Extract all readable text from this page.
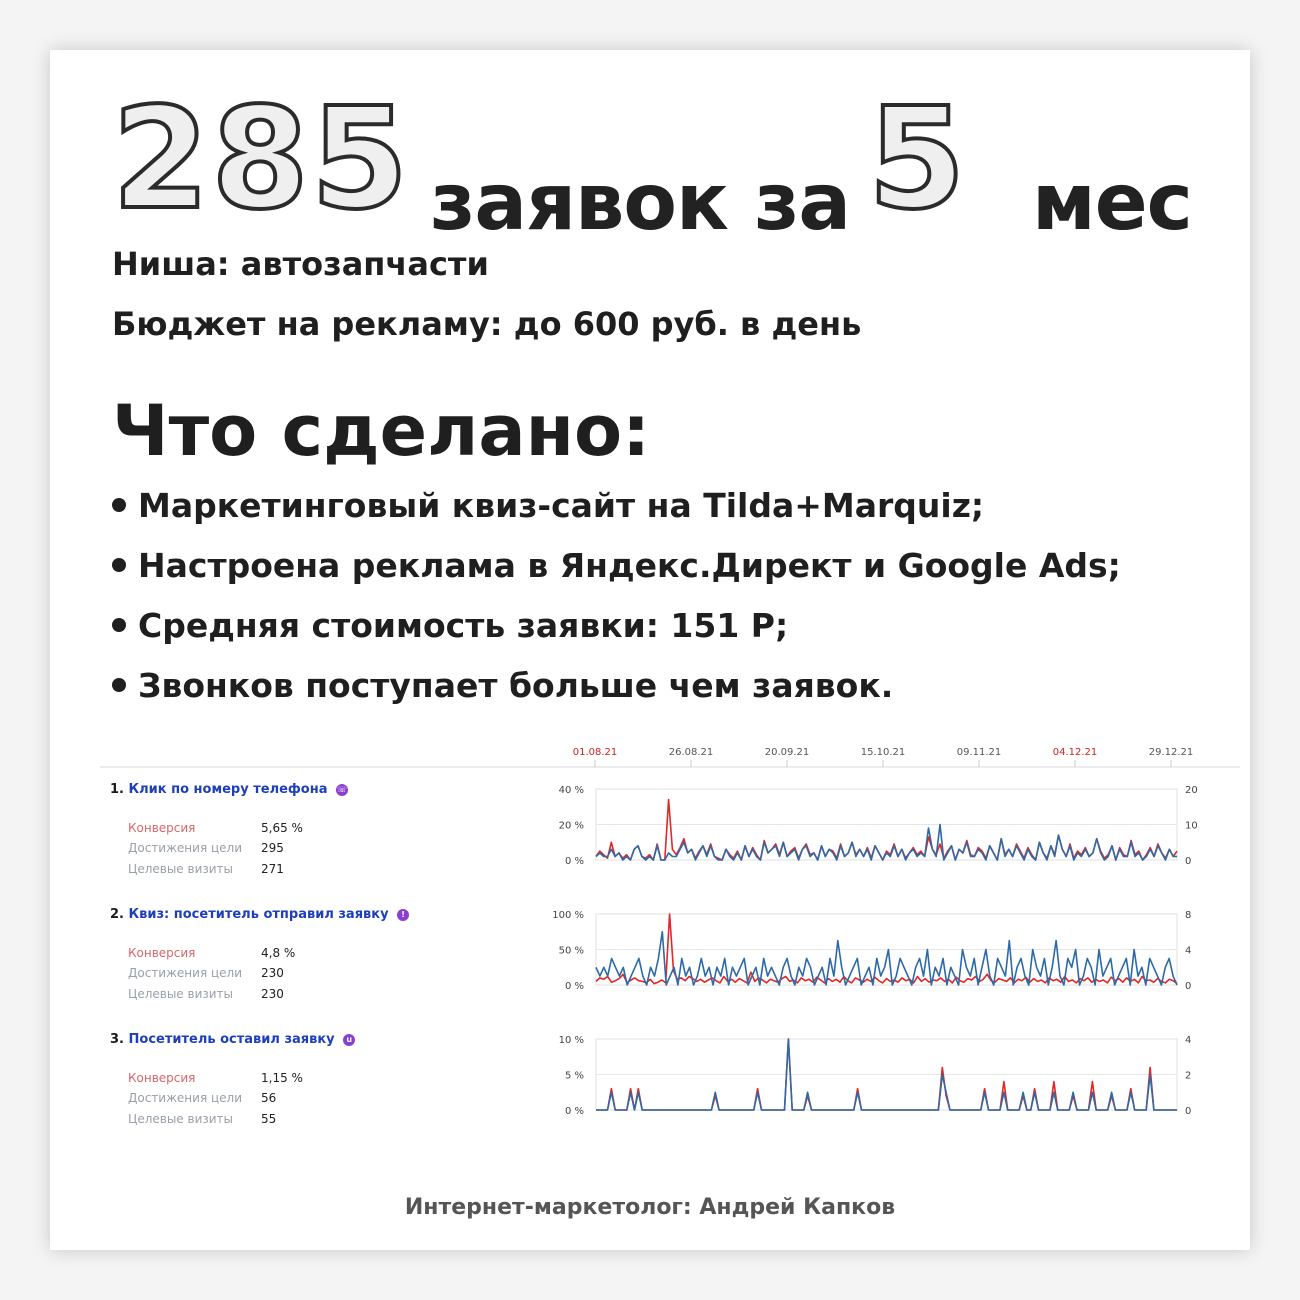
285 заявок за 5 мес
Ниша: автозапчасти
Бюджет на рекламу: до 600 руб. в день
Что сделано:
Маркетинговый квиз-сайт на Tilda+Marquiz;
Настроена реклама в Яндекс.Директ и Google Ads;
Средняя стоимость заявки: 151 Р;
Звонков поступает больше чем заявок.
01.08.21	26.08.21	20.09.21	15.10.21	09.11.21	04.12.21	29.12.21
1. Клик по номеру телефона ☏
Конверсия	5,65 %
Достижения цели 295
Целевые визиты 271
2. Квиз: посетитель отправил заявку !
Конверсия	4,8 %
Достижения цели 230
Целевые визиты 230
3. Посетитель оставил заявку u
Конверсия	1,15 %
Достижения цели 56
Целевые визиты 55
40 %
20 %
0 %
20
10
0
100 %
50 %
0 %
8
4
0
10 %
5 %
0 %
4
2
0
Интернет-маркетолог: Андрей Капков
